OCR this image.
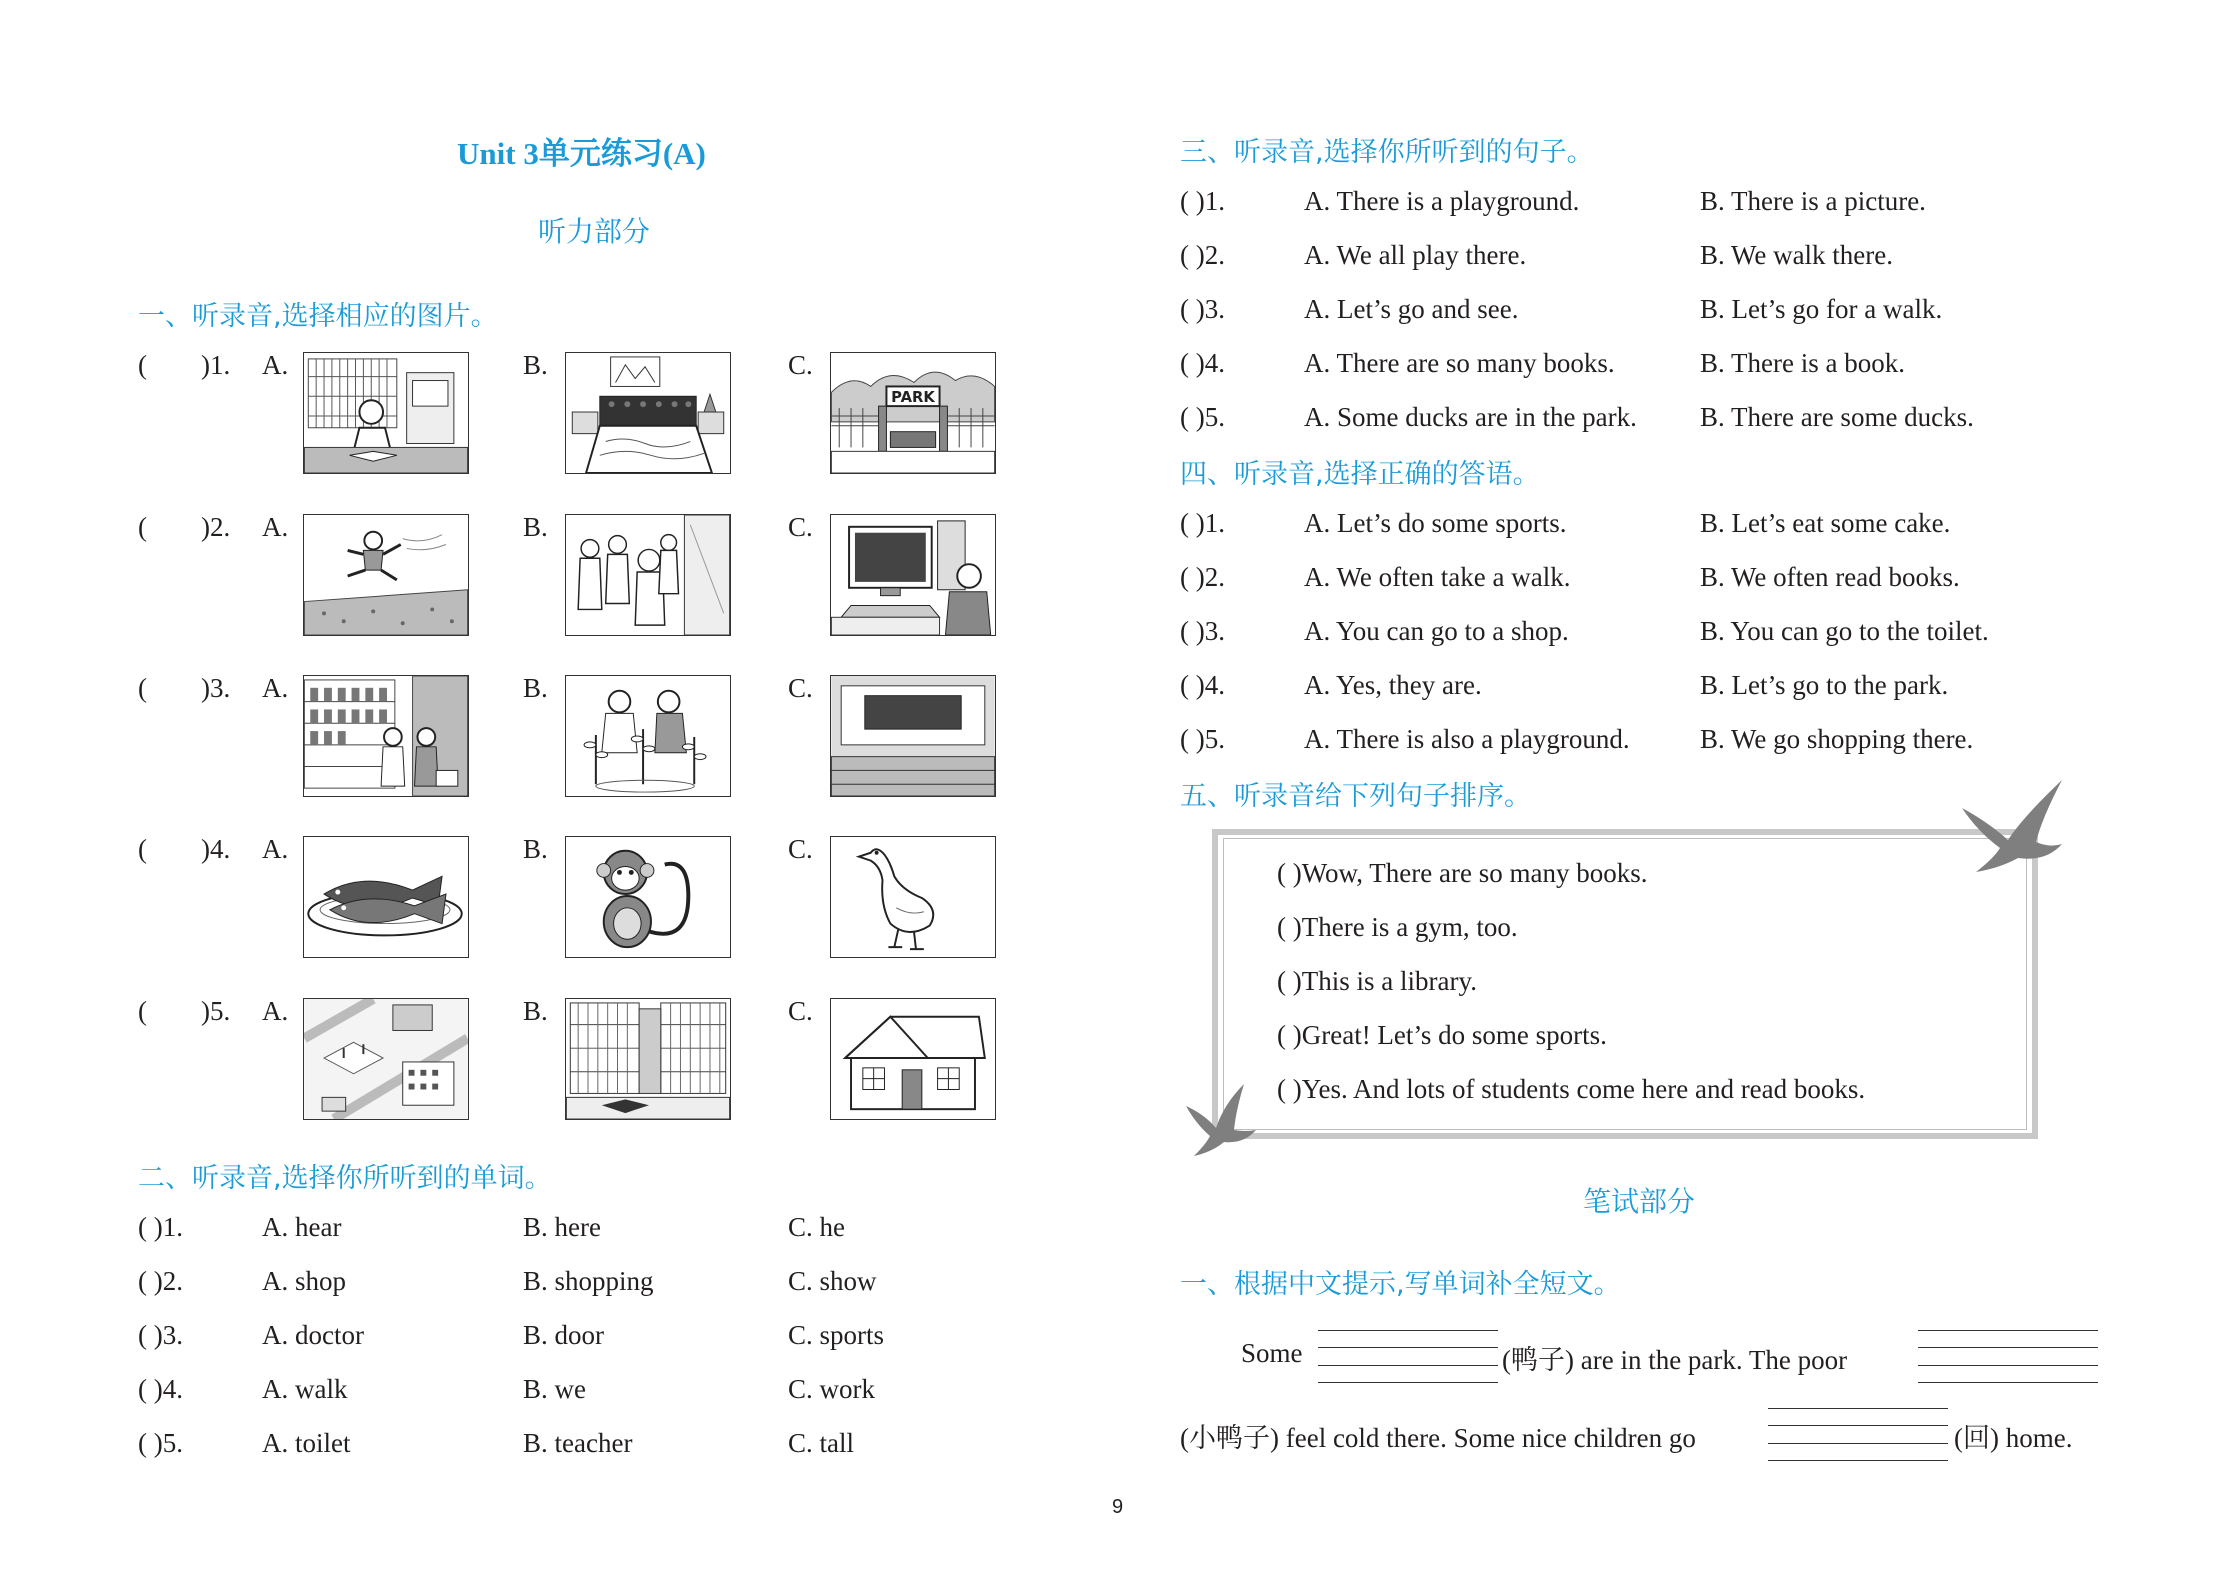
Unit 3单元练习(A)
听力部分
笔试部分
一、听录音,选择相应的图片。
(        )1. A.	B.	C.
PARK
(        )2. A.	B.	C.
(        )3. A.	B.	C.
(        )4. A.	B.	C.
(        )5. A.	B.	C.
二、听录音,选择你所听到的单词。
( )1.	A. hear	B. here	C. he
( )2.	A. shop	B. shopping	C. show
( )3.	A. doctor	B. door	C. sports
( )4.	A. walk	B. we	C. work
( )5.	A. toilet	B. teacher	C. tall
三、听录音,选择你所听到的句子。
( )1.	A. There is a playground.	B. There is a picture.
( )2.	A. We all play there.	B. We walk there.
( )3.	A. Let’s go and see.	B. Let’s go for a walk.
( )4.	A. There are so many books.	B. There is a book.
( )5.	A. Some ducks are in the park. B. There are some ducks.
四、听录音,选择正确的答语。
( )1.	A. Let’s do some sports.	B. Let’s eat some cake.
( )2.	A. We often take a walk.	B. We often read books.
( )3.	A. You can go to a shop.	B. You can go to the toilet.
( )4.	A. Yes, they are.	B. Let’s go to the park.
( )5.	A. There is also a playground.	B. We go shopping there.
五、听录音给下列句子排序。
( )Wow, There are so many books.
( )There is a gym, too.
( )This is a library.
( )Great! Let’s do some sports.
( )Yes. And lots of students come here and read books.
一、根据中文提示,写单词补全短文。
Some	(鸭子) are in the park. The poor
(小鸭子) feel cold there. Some nice children go	(回) home.
9
